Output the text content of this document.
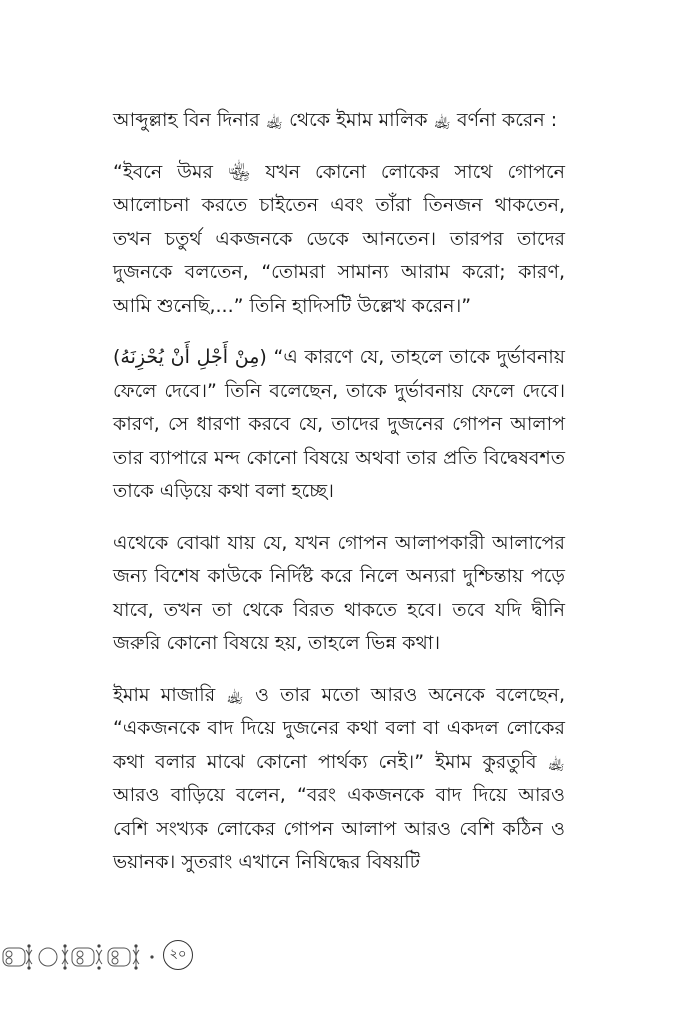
আব্দুল্লাহ বিন দিনার ﵀ থেকে ইমাম মালিক ﵀ বর্ণনা করেন :

“ইবনে উমর ﵄ যখন কোনো লোকের সাথে গোপনে আলোচনা করতে চাইতেন এবং তাঁরা তিনজন থাকতেন, তখন চতুর্থ একজনকে ডেকে আনতেন। তারপর তাদের দুজনকে বলতেন, “তোমরা সামান্য আরাম করো; কারণ, আমি শুনেছি,...” তিনি হাদিসটি উল্লেখ করেন।”

(مِنْ أَجْلِ أَنْ يُحْزِنَهُ) “এ কারণে যে, তাহলে তাকে দুর্ভাবনায় ফেলে দেবে।” তিনি বলেছেন, তাকে দুর্ভাবনায় ফেলে দেবে। কারণ, সে ধারণা করবে যে, তাদের দুজনের গোপন আলাপ তার ব্যাপারে মন্দ কোনো বিষয়ে অথবা তার প্রতি বিদ্বেষবশত তাকে এড়িয়ে কথা বলা হচ্ছে।

এথেকে বোঝা যায় যে, যখন গোপন আলাপকারী আলাপের জন্য বিশেষ কাউকে নির্দিষ্ট করে নিলে অন্যরা দুশ্চিন্তায় পড়ে যাবে, তখন তা থেকে বিরত থাকতে হবে। তবে যদি দ্বীনি জরুরি কোনো বিষয়ে হয়, তাহলে ভিন্ন কথা।

ইমাম মাজারি ﵀ ও তার মতো আরও অনেকে বলেছেন, “একজনকে বাদ দিয়ে দুজনের কথা বলা বা একদল লোকের কথা বলার মাঝে কোনো পার্থক্য নেই।” ইমাম কুরতুবি ﵀ আরও বাড়িয়ে বলেন, “বরং একজনকে বাদ দিয়ে আরও বেশি সংখ্যক লোকের গোপন আলাপ আরও বেশি কঠিন ও ভয়ানক। সুতরাং এখানে নিষিদ্ধের বিষয়টি

২০
